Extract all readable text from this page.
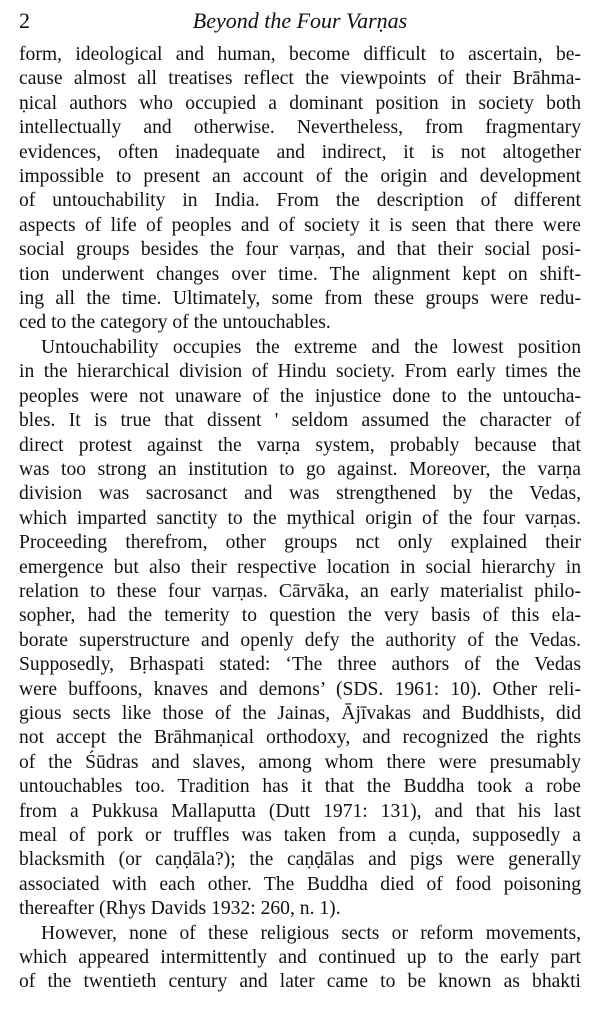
2	Beyond the Four Varṇas
form, ideological and human, become difficult to ascertain, be-
cause almost all treatises reflect the viewpoints of their Brāhma-
ṇical authors who occupied a dominant position in society both
intellectually and otherwise. Nevertheless, from fragmentary
evidences, often inadequate and indirect, it is not altogether
impossible to present an account of the origin and development
of untouchability in India. From the description of different
aspects of life of peoples and of society it is seen that there were
social groups besides the four varṇas, and that their social posi-
tion underwent changes over time. The alignment kept on shift-
ing all the time. Ultimately, some from these groups were redu-
ced to the category of the untouchables.
Untouchability occupies the extreme and the lowest position
in the hierarchical division of Hindu society. From early times the
peoples were not unaware of the injustice done to the untoucha-
bles. It is true that dissent ' seldom assumed the character of
direct protest against the varṇa system, probably because that
was too strong an institution to go against. Moreover, the varṇa
division was sacrosanct and was strengthened by the Vedas,
which imparted sanctity to the mythical origin of the four varṇas.
Proceeding therefrom, other groups nct only explained their
emergence but also their respective location in social hierarchy in
relation to these four varṇas. Cārvāka, an early materialist philo-
sopher, had the temerity to question the very basis of this ela-
borate superstructure and openly defy the authority of the Vedas.
Supposedly, Bṛhaspati stated: ‘The three authors of the Vedas
were buffoons, knaves and demons’ (SDS. 1961: 10). Other reli-
gious sects like those of the Jainas, Ājīvakas and Buddhists, did
not accept the Brāhmaṇical orthodoxy, and recognized the rights
of the Śūdras and slaves, among whom there were presumably
untouchables too. Tradition has it that the Buddha took a robe
from a Pukkusa Mallaputta (Dutt 1971: 131), and that his last
meal of pork or truffles was taken from a cuṇda, supposedly a
blacksmith (or caṇḍāla?); the caṇḍālas and pigs were generally
associated with each other. The Buddha died of food poisoning
thereafter (Rhys Davids 1932: 260, n. 1).
However, none of these religious sects or reform movements,
which appeared intermittently and continued up to the early part
of the twentieth century and later came to be known as bhakti
